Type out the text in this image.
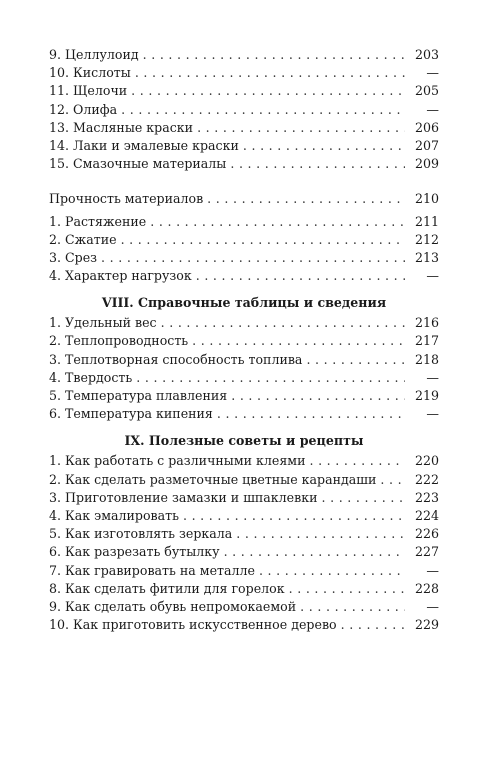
9. Целлулоид . . .	203
10. Кислоты . . .	—
11. Щелочи . . .	205
12. Олифа . . .	—
13. Масляные краски . . .	206
14. Лаки и эмалевые краски . . .	207
15. Смазочные материалы . . .	209
Прочность материалов . . .	210
1. Растяжение . . .	211
2. Сжатие . . .	212
3. Срез . . .	213
4. Характер нагрузок . . .	—
VIII. Справочные таблицы и сведения
1. Удельный вес . . .	216
2. Теплопроводность . . .	217
3. Теплотворная способность топлива . . .	218
4. Твердость . . .	—
5. Температура плавления . . .	219
6. Температура кипения . . .	—
IX. Полезные советы и рецепты
1. Как работать с различными клеями . . .	220
2. Как сделать разметочные цветные карандаши . . .	222
3. Приготовление замазки и шпаклевки . . .	223
4. Как эмалировать . . .	224
5. Как изготовлять зеркала . . .	226
6. Как разрезать бутылку . . .	227
7. Как гравировать на металле . . .	—
8. Как сделать фитили для горелок . . .	228
9. Как сделать обувь непромокаемой . . .	—
10. Как приготовить искусственное дерево . . .	229
